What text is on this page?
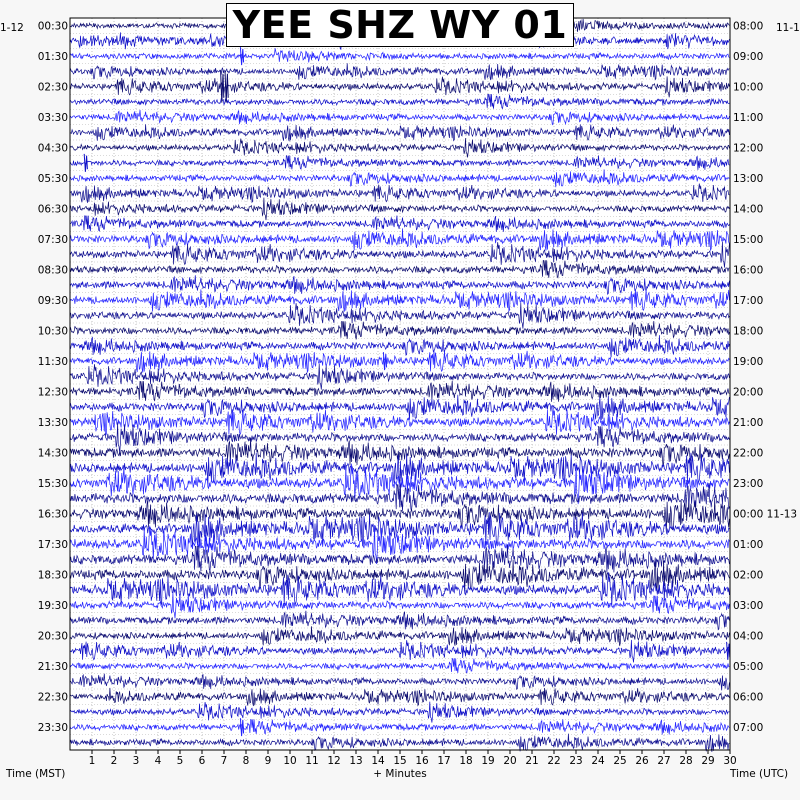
1 2 3 4 5 6 7 8 9 10 11 12 13 14 15 16 17 18 19 20 21 22 23 24 25 26 27 28 29 30
00:30
01:30
02:30
03:30
04:30
05:30
06:30
07:30
08:30
09:30
10:30
11:30
12:30
13:30
14:30
15:30
16:30
17:30
18:30
19:30
20:30
21:30
22:30
23:30
08:00
09:00
10:00
11:00
12:00
13:00
14:00
15:00
16:00
17:00
18:00
19:00
20:00
21:00
22:00
23:00
00:00 11-13
01:00
02:00
03:00
04:00
05:00
06:00
07:00
1-12	11-1
Time (MST)	+ Minutes	Time (UTC)
YEE SHZ WY 01
